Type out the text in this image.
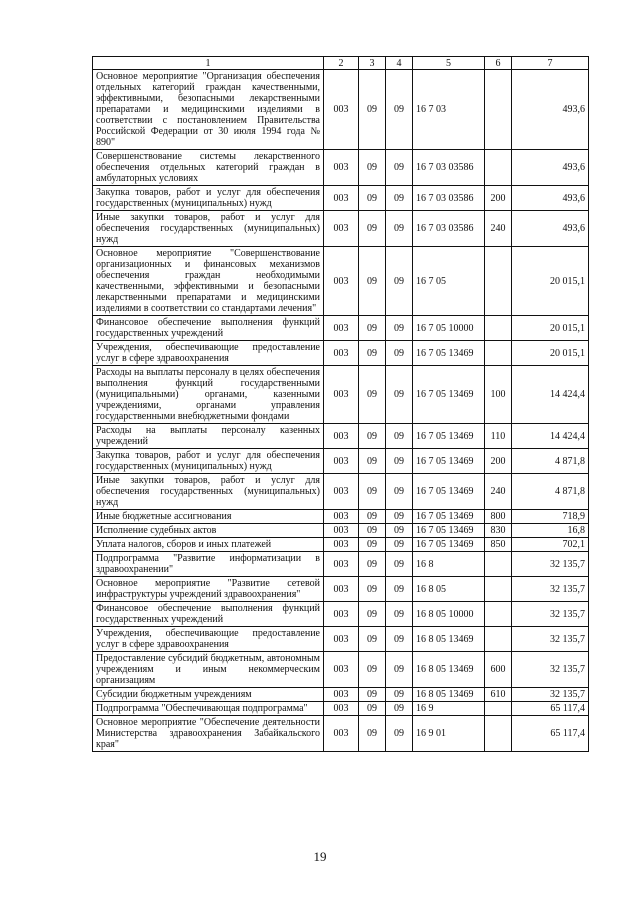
1	2	3	4	5	6	7
Основное мероприятие "Организация обеспечения отдельных категорий граждан качественными, эффективными, безопасными лекарственными препаратами и медицинскими изделиями в соответствии с постановлением Правительства Российской Федерации от 30 июля 1994 года № 890"	003	09	09	16 7 03		493,6
Совершенствование системы лекарственного обеспечения отдельных категорий граждан в амбулаторных условиях	003	09	09	16 7 03 03586		493,6
Закупка товаров, работ и услуг для обеспечения государственных (муниципальных) нужд	003	09	09	16 7 03 03586	200	493,6
Иные закупки товаров, работ и услуг для обеспечения государственных (муниципальных) нужд	003	09	09	16 7 03 03586	240	493,6
Основное мероприятие "Совершенствование организационных и финансовых механизмов обеспечения граждан необходимыми качественными, эффективными и безопасными лекарственными препаратами и медицинскими изделиями в соответствии со стандартами лечения"	003	09	09	16 7 05		20 015,1
Финансовое обеспечение выполнения функций государственных учреждений	003	09	09	16 7 05 10000		20 015,1
Учреждения, обеспечивающие предоставление услуг в сфере здравоохранения	003	09	09	16 7 05 13469		20 015,1
Расходы на выплаты персоналу в целях обеспечения выполнения функций государственными (муниципальными) органами, казенными учреждениями, органами управления государственными внебюджетными фондами	003	09	09	16 7 05 13469	100	14 424,4
Расходы на выплаты персоналу казенных учреждений	003	09	09	16 7 05 13469	110	14 424,4
Закупка товаров, работ и услуг для обеспечения государственных (муниципальных) нужд	003	09	09	16 7 05 13469	200	4 871,8
Иные закупки товаров, работ и услуг для обеспечения государственных (муниципальных) нужд	003	09	09	16 7 05 13469	240	4 871,8
Иные бюджетные ассигнования	003	09	09	16 7 05 13469	800	718,9
Исполнение судебных актов	003	09	09	16 7 05 13469	830	16,8
Уплата налогов, сборов и иных платежей	003	09	09	16 7 05 13469	850	702,1
Подпрограмма "Развитие информатизации в здравоохранении"	003	09	09	16 8		32 135,7
Основное мероприятие "Развитие сетевой инфраструктуры учреждений здравоохранения"	003	09	09	16 8 05		32 135,7
Финансовое обеспечение выполнения функций государственных учреждений	003	09	09	16 8 05 10000		32 135,7
Учреждения, обеспечивающие предоставление услуг в сфере здравоохранения	003	09	09	16 8 05 13469		32 135,7
Предоставление субсидий бюджетным, автономным учреждениям и иным некоммерческим организациям	003	09	09	16 8 05 13469	600	32 135,7
Субсидии бюджетным учреждениям	003	09	09	16 8 05 13469	610	32 135,7
Подпрограмма "Обеспечивающая подпрограмма"	003	09	09	16 9		65 117,4
Основное мероприятие "Обеспечение деятельности Министерства здравоохранения Забайкальского края"	003	09	09	16 9 01		65 117,4
19
